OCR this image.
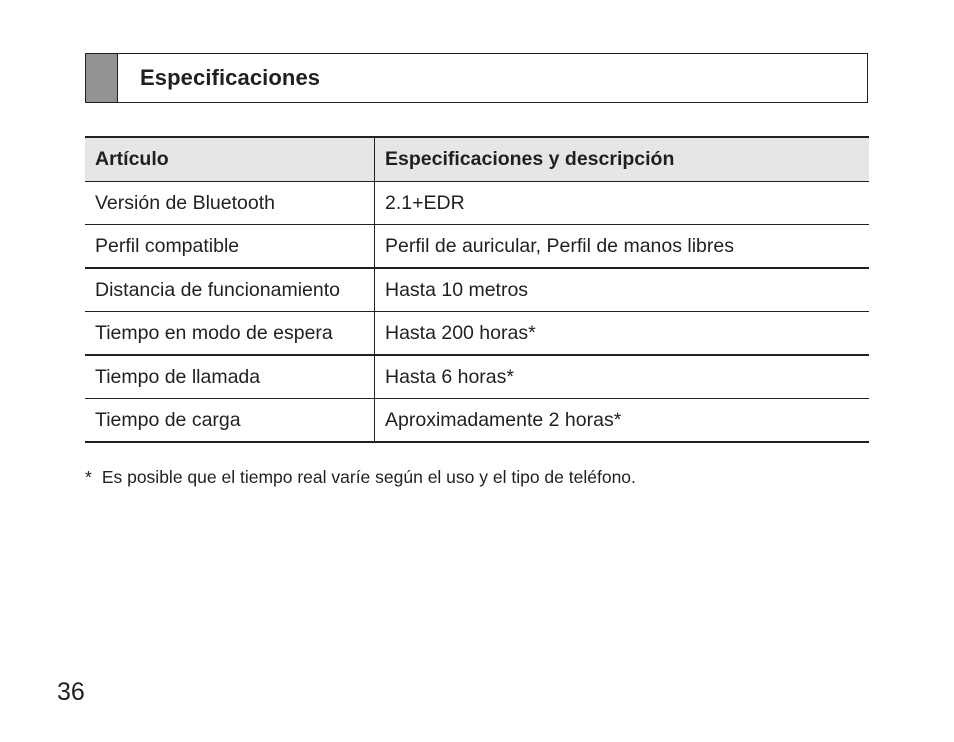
Especificaciones
Artículo	Especificaciones y descripción
Versión de Bluetooth	2.1+EDR
Perfil compatible	Perfil de auricular, Perfil de manos libres
Distancia de funcionamiento	Hasta 10 metros
Tiempo en modo de espera	Hasta 200 horas*
Tiempo de llamada	Hasta 6 horas*
Tiempo de carga	Aproximadamente 2 horas*
* Es posible que el tiempo real varíe según el uso y el tipo de teléfono.
36
